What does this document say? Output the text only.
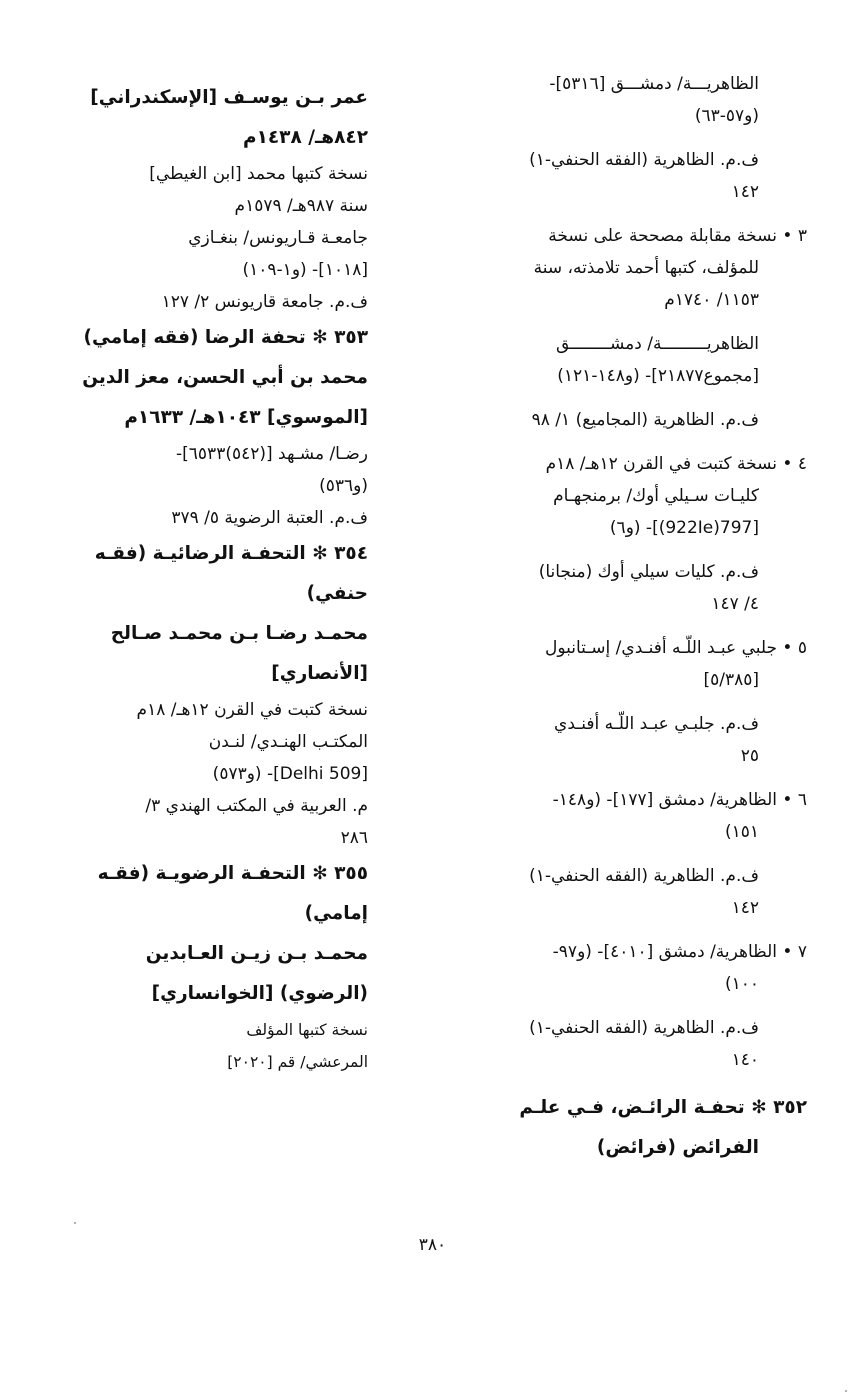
الظاهريـــة/ دمشـــق [٥٣١٦]-
(و٥٧-٦٣)
ف.م. الظاهرية (الفقه الحنفي-١)
١٤٢
٣ • نسخة مقابلة مصححة على نسخة
للمؤلف، كتبها أحمد تلامذته، سنة
١١٥٣/ ١٧٤٠م
الظاهريـــــــــة/ دمشــــــــق
[مجموع٢١٨٧٧]- (و١٤٨-١٢١)
ف.م. الظاهرية (المجاميع) ١/ ٩٨
٤ • نسخة كتبت في القرن ١٢هـ/ ١٨م
كليـات سـيلي أوك/ برمنجهـام
[797(922Ie)]- (و٦)
ف.م. كليات سيلي أوك (منجانا)
٤/ ١٤٧
٥ • جلبي عبـد اللّـه أفنـدي/ إسـتانبول
[٥/٣٨٥]
ف.م. جلبـي عبـد اللّـه أفنـدي
٢٥
٦ • الظاهرية/ دمشق [١٧٧]- (و١٤٨-
١٥١)
ف.م. الظاهرية (الفقه الحنفي-١)
١٤٢
٧ • الظاهرية/ دمشق [٤٠١٠]- (و٩٧-
١٠٠)
ف.م. الظاهرية (الفقه الحنفي-١)
١٤٠
٣٥٢ ✻ تحفـة الرائـض، فـي علـم
الفرائض (فرائض)
عمر بـن يوسـف [الإسكندراني]
٨٤٢هـ/ ١٤٣٨م
نسخة كتبها محمد [ابن الغيطي]
سنة ٩٨٧هـ/ ١٥٧٩م
جامعـة قـاريونس/ بنغـازي
[١٠١٨]- (و١-١٠٩)
ف.م. جامعة قاريونس ٢/ ١٢٧
٣٥٣ ✻ تحفة الرضا (فقه إمامي)
محمد بن أبي الحسن، معز الدين
[الموسوي] ١٠٤٣هـ/ ١٦٣٣م
رضـا/ مشـهد [(٥٤٢)٦٥٣٣]-
(و٥٣٦)
ف.م. العتبة الرضوية ٥/ ٣٧٩
٣٥٤ ✻ التحفـة الرضائيـة (فقـه
حنفي)
محمـد رضـا بـن محمـد صـالح
[الأنصاري]
نسخة كتبت في القرن ١٢هـ/ ١٨م
المكتـب الهنـدي/ لنـدن
[Delhi 509]- (و٥٧٣)
م. العربية في المكتب الهندي ٣/
٢٨٦
٣٥٥ ✻ التحفـة الرضويـة (فقـه
إمامي)
محمـد بـن زيـن العـابدين
(الرضوي) [الخوانساري]
نسخة كتبها المؤلف
المرعشي/ قم [٢٠٢٠]
٣٨٠
